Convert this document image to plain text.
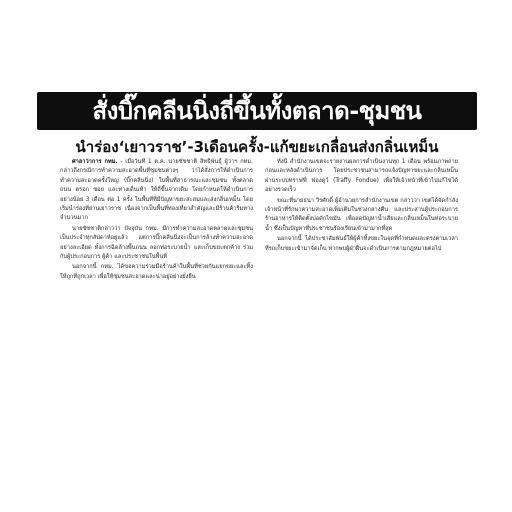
สั่งบิ๊กคลีนนิ่งถี่ขึ้นทั้งตลาด-ชุมชน
นำร่อง‘เยาวราช’-3เดือนครั้ง-แก้ขยะเกลื่อนส่งกลิ่นเหม็น

ศาลาว่าการ กทม. - เมื่อวันที่ 1 ต.ค. นายชัชชาติ สิทธิพันธุ์ ผู้ว่าฯ กทม. กล่าวถึงกรณีการทำความสะอาดพื้นที่ชุมชนต่างๆ ว่าได้สั่งการให้ดำเนินการทำความสะอาดครั้งใหญ่ (บิ๊กคลีนนิ่ง) ในพื้นที่สาธารณะและชุมชน ทั้งตลาด ถนน ตรอก ซอย และทางเดินเท้า ให้ถี่ขึ้นจากเดิม โดยกำหนดให้ดำเนินการอย่างน้อย 3 เดือน ต่อ 1 ครั้ง ในพื้นที่ที่มีปัญหาขยะสะสมและส่งกลิ่นเหม็น โดยเริ่มนำร่องที่ย่านเยาวราช เนื่องจากเป็นพื้นที่ท่องเที่ยวสำคัญและมีร้านค้าริมทางจำนวนมาก

นายชัชชาติกล่าวว่า ปัจจุบัน กทม. มีการทำความสะอาดตลาดและชุมชนเป็นประจำทุกสัปดาห์อยู่แล้ว แต่การบิ๊กคลีนนิ่งจะเป็นการล้างทำความสะอาดอย่างละเอียด ทั้งการฉีดล้างพื้นถนน ลอกท่อระบายน้ำ และเก็บขยะตกค้าง ร่วมกับผู้ประกอบการ ผู้ค้า และประชาชนในพื้นที่

นอกจากนี้ กทม. ได้ขอความร่วมมือร้านค้าในพื้นที่ช่วยกันแยกขยะและทิ้งให้ถูกที่ถูกเวลา เพื่อให้ชุมชนสะอาดและน่าอยู่อย่างยั่งยืน

ทั้งนี้ สำนักงานเขตจะรายงานผลการดำเนินงานทุก 1 เดือน พร้อมภาพถ่ายก่อนและหลังดำเนินการ โดยประชาชนสามารถแจ้งปัญหาขยะและกลิ่นเหม็นผ่านระบบทราฟฟี่ ฟองดูว์ (Traffy Fondue) เพื่อให้เจ้าหน้าที่เข้าไปแก้ไขได้อย่างรวดเร็ว

ขณะที่นายธนา วีรศักดิ์ ผู้อำนวยการสำนักงานเขต กล่าวว่า เขตได้จัดกำลังเจ้าหน้าที่รักษาความสะอาดเพิ่มเติมในช่วงกลางคืน และประสานผู้ประกอบการร้านอาหารให้ติดตั้งบ่อดักไขมัน เพื่อลดปัญหาน้ำเสียและกลิ่นเหม็นในท่อระบายน้ำ ซึ่งเป็นปัญหาที่ประชาชนร้องเรียนเข้ามามากที่สุด

นอกจากนี้ ได้ประชาสัมพันธ์ให้ผู้ค้าทิ้งขยะในจุดที่กำหนดและตรงตามเวลาที่รถเก็บขยะเข้ามาจัดเก็บ หากพบผู้ฝ่าฝืนจะดำเนินการตามกฎหมายต่อไป
